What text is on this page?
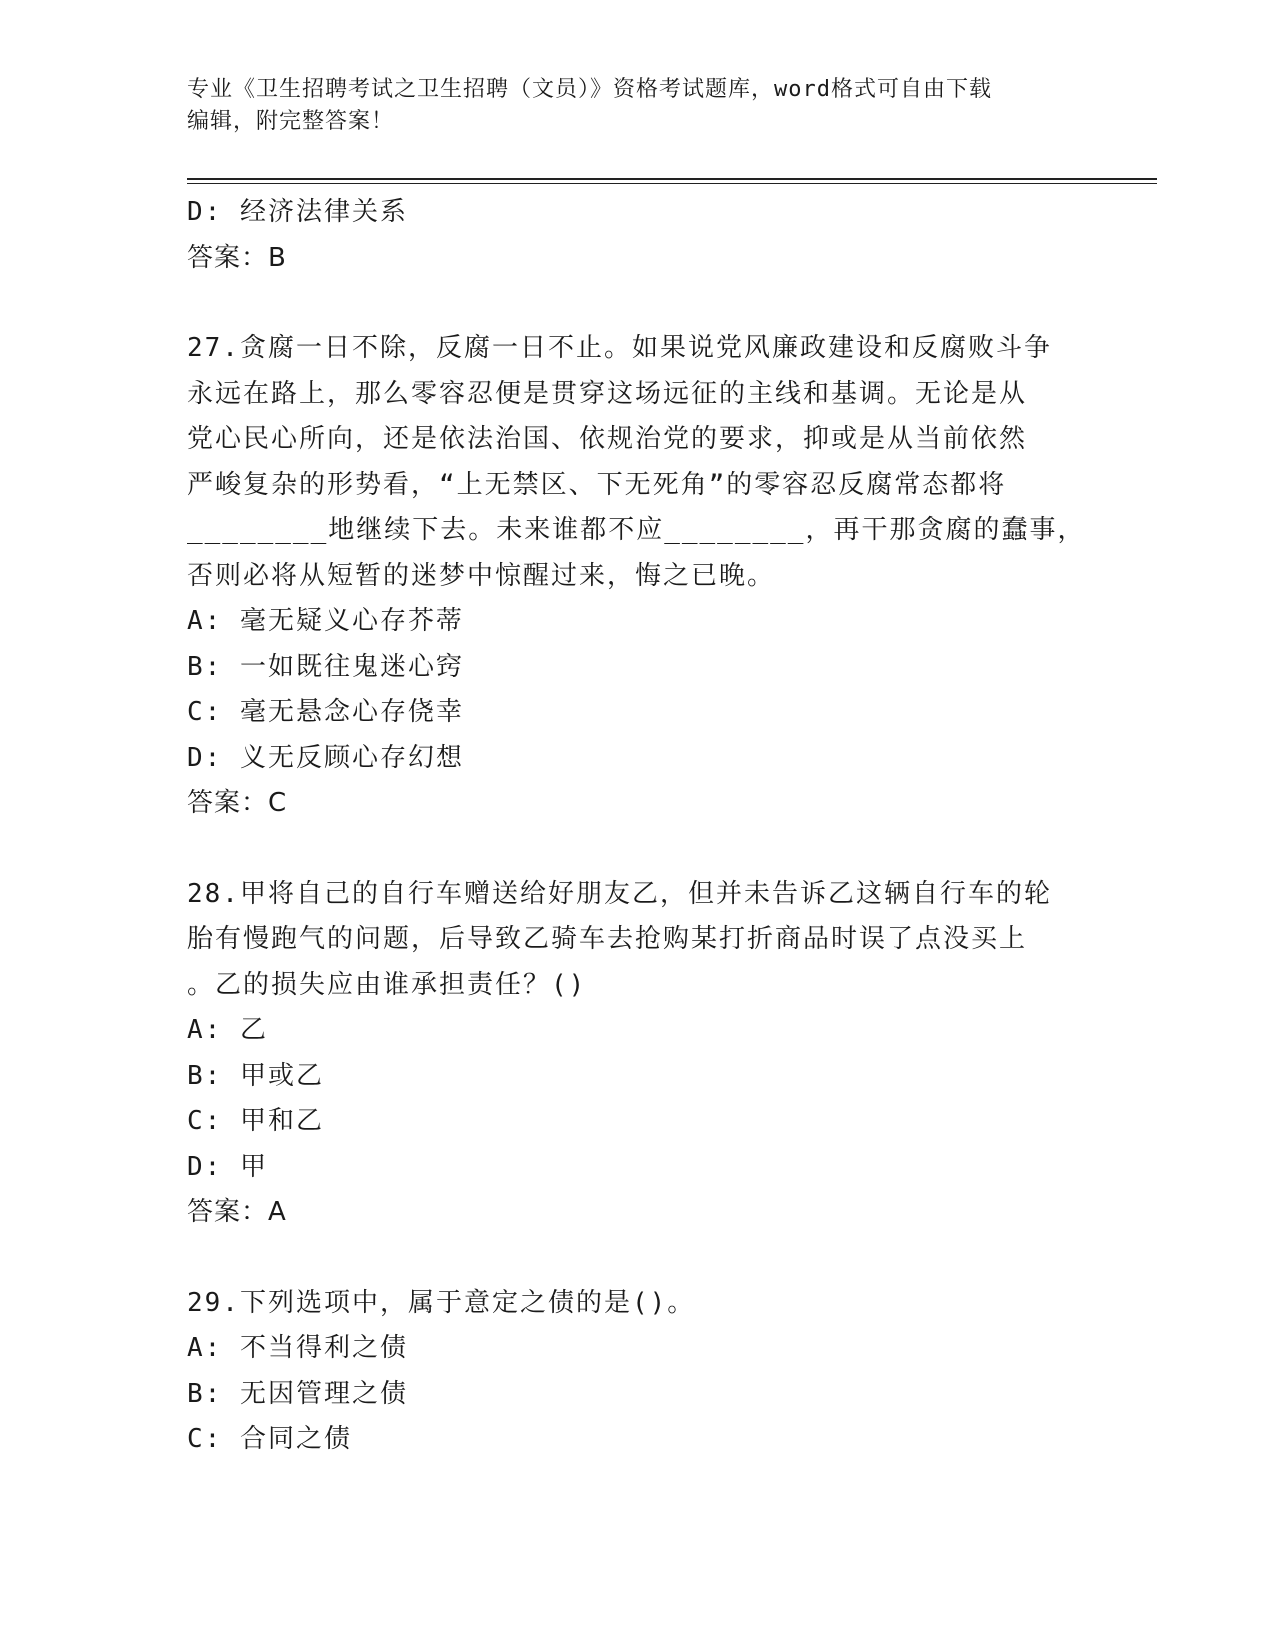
专业《卫生招聘考试之卫生招聘（文员）》资格考试题库，word格式可自由下载
编辑，附完整答案！
D: 经济法律关系
答案：B
27.贪腐一日不除，反腐一日不止。如果说党风廉政建设和反腐败斗争
永远在路上，那么零容忍便是贯穿这场远征的主线和基调。无论是从
党心民心所向，还是依法治国、依规治党的要求，抑或是从当前依然
严峻复杂的形势看，“上无禁区、下无死角”的零容忍反腐常态都将
________地继续下去。未来谁都不应________，再干那贪腐的蠢事，
否则必将从短暂的迷梦中惊醒过来，悔之已晚。
A: 毫无疑义心存芥蒂
B: 一如既往鬼迷心窍
C: 毫无悬念心存侥幸
D: 义无反顾心存幻想
答案：C
28.甲将自己的自行车赠送给好朋友乙，但并未告诉乙这辆自行车的轮
胎有慢跑气的问题，后导致乙骑车去抢购某打折商品时误了点没买上
。乙的损失应由谁承担责任？()
A: 乙
B: 甲或乙
C: 甲和乙
D: 甲
答案：A
29.下列选项中，属于意定之债的是()。
A: 不当得利之债
B: 无因管理之债
C: 合同之债
